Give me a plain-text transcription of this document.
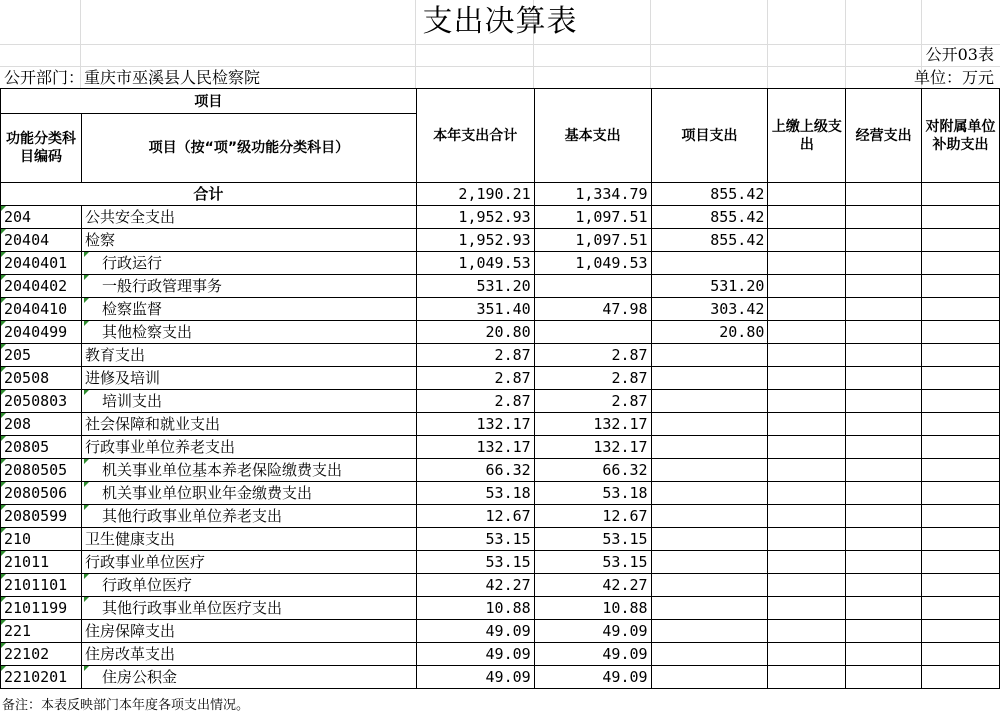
支出决算表
公开03表
公开部门：重庆市巫溪县人民检察院	单位：万元
项目		本年支出合计	基本支出	项目支出	上缴上级支出	经营支出	对附属单位补助支出
功能分类科目编码	项目（按“项”级功能分类科目）						
合计		2,190.21	1,334.79	855.42			
204	公共安全支出	1,952.93	1,097.51	855.42			
20404	检察	1,952.93	1,097.51	855.42			
2040401	行政运行	1,049.53	1,049.53				
2040402	一般行政管理事务	531.20		531.20			
2040410	检察监督	351.40	47.98	303.42			
2040499	其他检察支出	20.80		20.80			
205	教育支出	2.87	2.87				
20508	进修及培训	2.87	2.87				
2050803	培训支出	2.87	2.87				
208	社会保障和就业支出	132.17	132.17				
20805	行政事业单位养老支出	132.17	132.17				
2080505	机关事业单位基本养老保险缴费支出	66.32	66.32				
2080506	机关事业单位职业年金缴费支出	53.18	53.18				
2080599	其他行政事业单位养老支出	12.67	12.67				
210	卫生健康支出	53.15	53.15				
21011	行政事业单位医疗	53.15	53.15				
2101101	行政单位医疗	42.27	42.27				
2101199	其他行政事业单位医疗支出	10.88	10.88				
221	住房保障支出	49.09	49.09				
22102	住房改革支出	49.09	49.09				
2210201	住房公积金	49.09	49.09				
备注：本表反映部门本年度各项支出情况。
